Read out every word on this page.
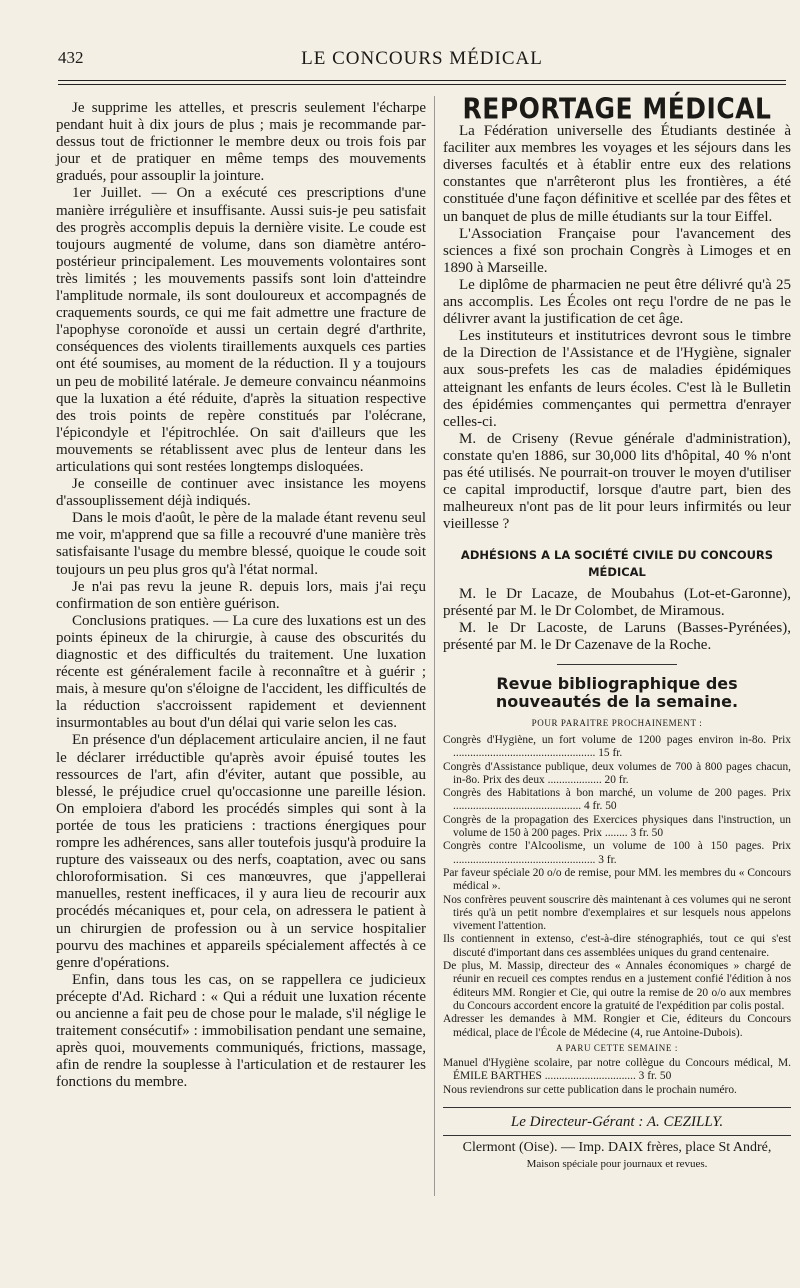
432	LE CONCOURS MÉDICAL

Je supprime les attelles, et prescris seulement l'écharpe pendant huit à dix jours de plus ; mais je recommande par-dessus tout de frictionner le membre deux ou trois fois par jour et de pratiquer en même temps des mouvements gradués, pour assouplir la jointure.

1er Juillet. — On a exécuté ces prescriptions d'une manière irrégulière et insuffisante. Aussi suis-je peu satisfait des progrès accomplis depuis la dernière visite. Le coude est toujours augmenté de volume, dans son diamètre antéro-postérieur principalement. Les mouvements volontaires sont très limités ; les mouvements passifs sont loin d'atteindre l'amplitude normale, ils sont douloureux et accompagnés de craquements sourds, ce qui me fait admettre une fracture de l'apophyse coronoïde et aussi un certain degré d'arthrite, conséquences des violents tiraillements auxquels ces parties ont été soumises, au moment de la réduction. Il y a toujours un peu de mobilité latérale. Je demeure convaincu néanmoins que la luxation a été réduite, d'après la situation respective des trois points de repère constitués par l'olécrane, l'épicondyle et l'épitrochlée. On sait d'ailleurs que les mouvements se rétablissent avec plus de lenteur dans les articulations qui sont restées longtemps disloquées.

Je conseille de continuer avec insistance les moyens d'assouplissement déjà indiqués.

Dans le mois d'août, le père de la malade étant revenu seul me voir, m'apprend que sa fille a recouvré d'une manière très satisfaisante l'usage du membre blessé, quoique le coude soit toujours un peu plus gros qu'à l'état normal.

Je n'ai pas revu la jeune R. depuis lors, mais j'ai reçu confirmation de son entière guérison.

Conclusions pratiques. — La cure des luxations est un des points épineux de la chirurgie, à cause des obscurités du diagnostic et des difficultés du traitement. Une luxation récente est généralement facile à reconnaître et à guérir ; mais, à mesure qu'on s'éloigne de l'accident, les difficultés de la réduction s'accroissent rapidement et deviennent insurmontables au bout d'un délai qui varie selon les cas.

En présence d'un déplacement articulaire ancien, il ne faut le déclarer irréductible qu'après avoir épuisé toutes les ressources de l'art, afin d'éviter, autant que possible, au blessé, le préjudice cruel qu'occasionne une pareille lésion. On emploiera d'abord les procédés simples qui sont à la portée de tous les praticiens : tractions énergiques pour rompre les adhérences, sans aller toutefois jusqu'à produire la rupture des vaisseaux ou des nerfs, coaptation, avec ou sans chloroformisation. Si ces manœuvres, que j'appellerai manuelles, restent inefficaces, il y aura lieu de recourir aux procédés mécaniques et, pour cela, on adressera le patient à un chirurgien de profession ou à un service hospitalier pourvu des machines et appareils spécialement affectés à ce genre d'opérations.

Enfin, dans tous les cas, on se rappellera ce judicieux précepte d'Ad. Richard : « Qui a réduit une luxation récente ou ancienne a fait peu de chose pour le malade, s'il néglige le traitement consécutif» : immobilisation pendant une semaine, après quoi, mouvements communiqués, frictions, massage, afin de rendre la souplesse à l'articulation et de restaurer les fonctions du membre.

REPORTAGE MÉDICAL

La Fédération universelle des Étudiants destinée à faciliter aux membres les voyages et les séjours dans les diverses facultés et à établir entre eux des relations constantes que n'arrêteront plus les frontières, a été constituée d'une façon définitive et scellée par des fêtes et un banquet de plus de mille étudiants sur la tour Eiffel.

L'Association Française pour l'avancement des sciences a fixé son prochain Congrès à Limoges et en 1890 à Marseille.

Le diplôme de pharmacien ne peut être délivré qu'à 25 ans accomplis. Les Écoles ont reçu l'ordre de ne pas le délivrer avant la justification de cet âge.

Les instituteurs et institutrices devront sous le timbre de la Direction de l'Assistance et de l'Hygiène, signaler aux sous-prefets les cas de maladies épidémiques atteignant les enfants de leurs écoles. C'est là le Bulletin des épidémies commençantes qui permettra d'enrayer celles-ci.

M. de Criseny (Revue générale d'administration), constate qu'en 1886, sur 30,000 lits d'hôpital, 40 % n'ont pas été utilisés. Ne pourrait-on trouver le moyen d'utiliser ce capital improductif, lorsque d'autre part, bien des malheureux n'ont pas de lit pour leurs infirmités ou leur vieillesse ?

ADHÉSIONS A LA SOCIÉTÉ CIVILE DU CONCOURS MÉDICAL

M. le Dr Lacaze, de Moubahus (Lot-et-Garonne), présenté par M. le Dr Colombet, de Miramous.

M. le Dr Lacoste, de Laruns (Basses-Pyrénées), présenté par M. le Dr Cazenave de la Roche.

Revue bibliographique des nouveautés de la semaine.
POUR PARAITRE PROCHAINEMENT :

Congrès d'Hygiène, un fort volume de 1200 pages environ in-8o. Prix .................................................. 15 fr.

Congrès d'Assistance publique, deux volumes de 700 à 800 pages chacun, in-8o. Prix des deux ................... 20 fr.

Congrès des Habitations à bon marché, un volume de 200 pages. Prix ............................................. 4 fr. 50

Congrès de la propagation des Exercices physiques dans l'instruction, un volume de 150 à 200 pages. Prix ........ 3 fr. 50

Congrès contre l'Alcoolisme, un volume de 100 à 150 pages. Prix .................................................. 3 fr.

Par faveur spéciale 20 o/o de remise, pour MM. les membres du « Concours médical ».

Nos confrères peuvent souscrire dès maintenant à ces volumes qui ne seront tirés qu'à un petit nombre d'exemplaires et sur lesquels nous appelons vivement l'attention.

Ils contiennent in extenso, c'est-à-dire sténographiés, tout ce qui s'est discuté d'important dans ces assemblées uniques du grand centenaire.

De plus, M. Massip, directeur des « Annales économiques » chargé de réunir en recueil ces comptes rendus en a justement confié l'édition à nos éditeurs MM. Rongier et Cie, qui outre la remise de 20 o/o aux membres du Concours accordent encore la gratuité de l'expédition par colis postal.

Adresser les demandes à MM. Rongier et Cie, éditeurs du Concours médical, place de l'École de Médecine (4, rue Antoine-Dubois).

A PARU CETTE SEMAINE :

Manuel d'Hygiène scolaire, par notre collègue du Concours médical, M. ÉMILE BARTHES ................................ 3 fr. 50

Nous reviendrons sur cette publication dans le prochain numéro.

Le Directeur-Gérant : A. CEZILLY.
Clermont (Oise). — Imp. DAIX frères, place St André,
Maison spéciale pour journaux et revues.
